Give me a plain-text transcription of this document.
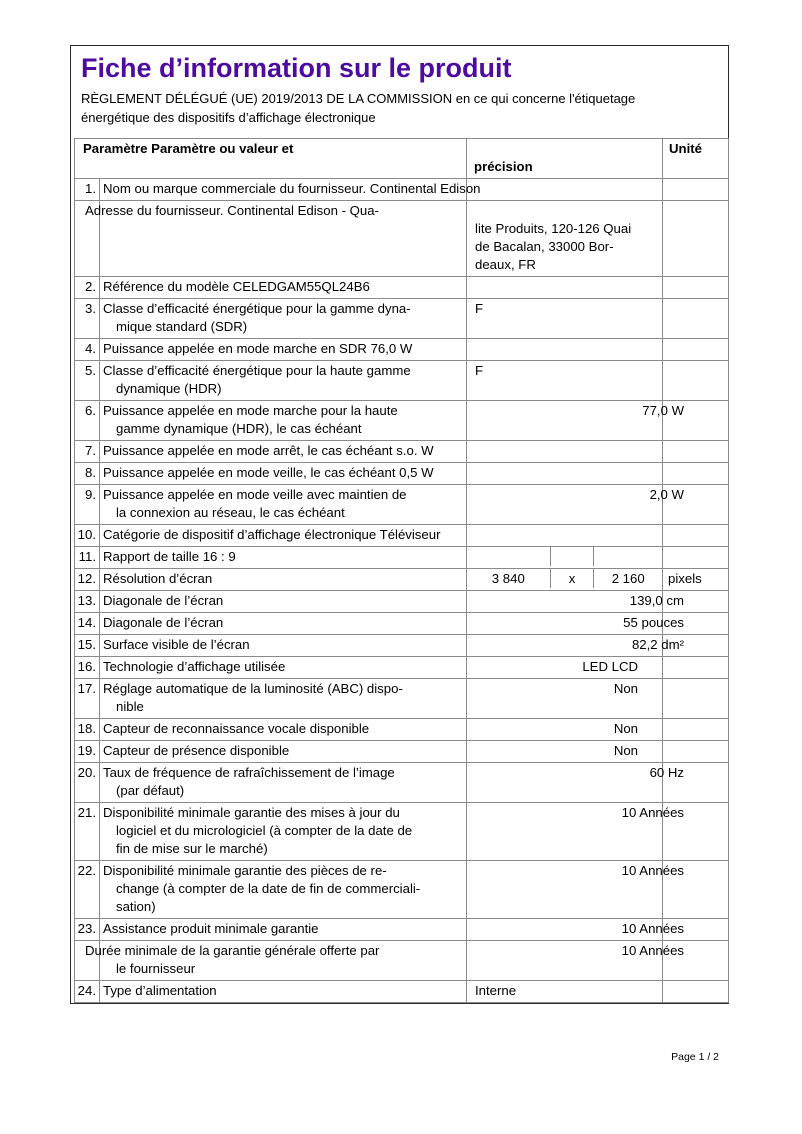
Fiche d’information sur le produit
RÈGLEMENT DÉLÉGUÉ (UE) 2019/2013 DE LA COMMISSION en ce qui concerne l'étiquetage
énergétique des dispositifs d’affichage électronique
Paramètre Paramètre ou valeur et		précision	Unité
1.	Nom ou marque commerciale du fournisseur. Continental Edison		

	Adresse du fournisseur. Continental Edison - Qua-	lite Produits, 120-126 Quai
de Bacalan, 33000 Bor-
deaux, FR	

2.	Référence du modèle CELEDGAM55QL24B6		

3.	Classe d’efficacité énergétique pour la gamme dyna-
mique standard (SDR)	F	

4.	Puissance appelée en mode marche en SDR 76,0 W		

5.	Classe d’efficacité énergétique pour la haute gamme
dynamique (HDR)	F	

6.	Puissance appelée en mode marche pour la haute
gamme dynamique (HDR), le cas échéant	77,0 W	

7.	Puissance appelée en mode arrêt, le cas échéant s.o. W		

8.	Puissance appelée en mode veille, le cas échéant 0,5 W		

9.	Puissance appelée en mode veille avec maintien de
la connexion au réseau, le cas échéant	2,0 W	

10.	Catégorie de dispositif d’affichage électronique Téléviseur		

11.	Rapport de taille 16 : 9		

12.	Résolution d’écran	3 840 x 2 160	pixels
13.	Diagonale de l’écran	139,0 cm	

14.	Diagonale de l’écran	55 pouces	

15.	Surface visible de l’écran	82,2 dm²	

16.	Technologie d’affichage utilisée	LED LCD	

17.	Réglage automatique de la luminosité (ABC) dispo-
nible	Non	

18.	Capteur de reconnaissance vocale disponible	Non	

19.	Capteur de présence disponible	Non	

20.	Taux de fréquence de rafraîchissement de l’image
(par défaut)	60 Hz	

21.	Disponibilité minimale garantie des mises à jour du
logiciel et du micrologiciel (à compter de la date de
fin de mise sur le marché)	10 Années	

22.	Disponibilité minimale garantie des pièces de re-
change (à compter de la date de fin de commerciali-
sation)	10 Années	

23.	Assistance produit minimale garantie	10 Années	

	Durée minimale de la garantie générale offerte par
le fournisseur	10 Années	

24.	Type d’alimentation	Interne	

Page 1 / 2
